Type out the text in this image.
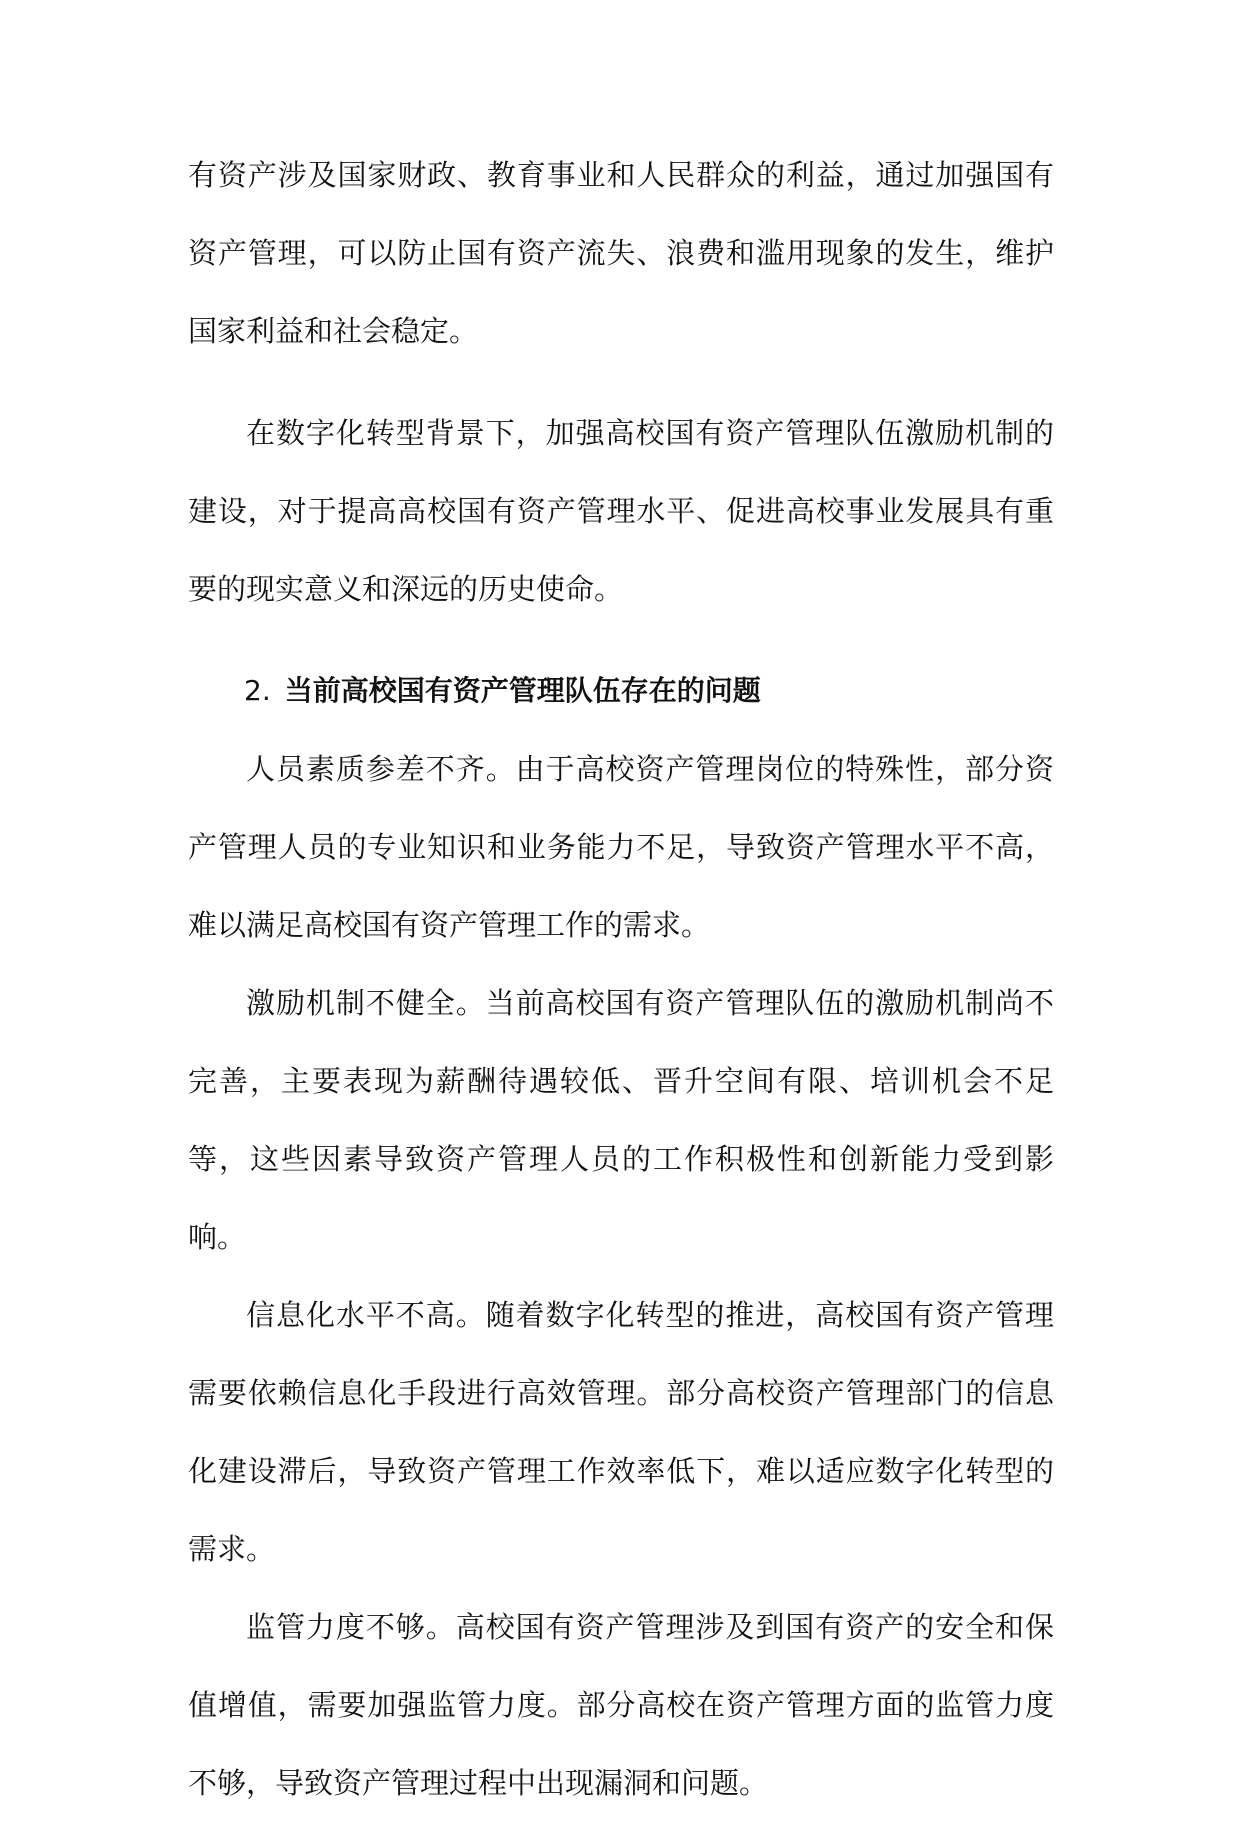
有资产涉及国家财政、教育事业和人民群众的利益，通过加强国有资产管理，可以防止国有资产流失、浪费和滥用现象的发生，维护国家利益和社会稳定。

在数字化转型背景下，加强高校国有资产管理队伍激励机制的建设，对于提高高校国有资产管理水平、促进高校事业发展具有重要的现实意义和深远的历史使命。

2. 当前高校国有资产管理队伍存在的问题

人员素质参差不齐。由于高校资产管理岗位的特殊性，部分资产管理人员的专业知识和业务能力不足，导致资产管理水平不高，难以满足高校国有资产管理工作的需求。

激励机制不健全。当前高校国有资产管理队伍的激励机制尚不完善，主要表现为薪酬待遇较低、晋升空间有限、培训机会不足等，这些因素导致资产管理人员的工作积极性和创新能力受到影响。

信息化水平不高。随着数字化转型的推进，高校国有资产管理需要依赖信息化手段进行高效管理。部分高校资产管理部门的信息化建设滞后，导致资产管理工作效率低下，难以适应数字化转型的需求。

监管力度不够。高校国有资产管理涉及到国有资产的安全和保值增值，需要加强监管力度。部分高校在资产管理方面的监管力度不够，导致资产管理过程中出现漏洞和问题。
